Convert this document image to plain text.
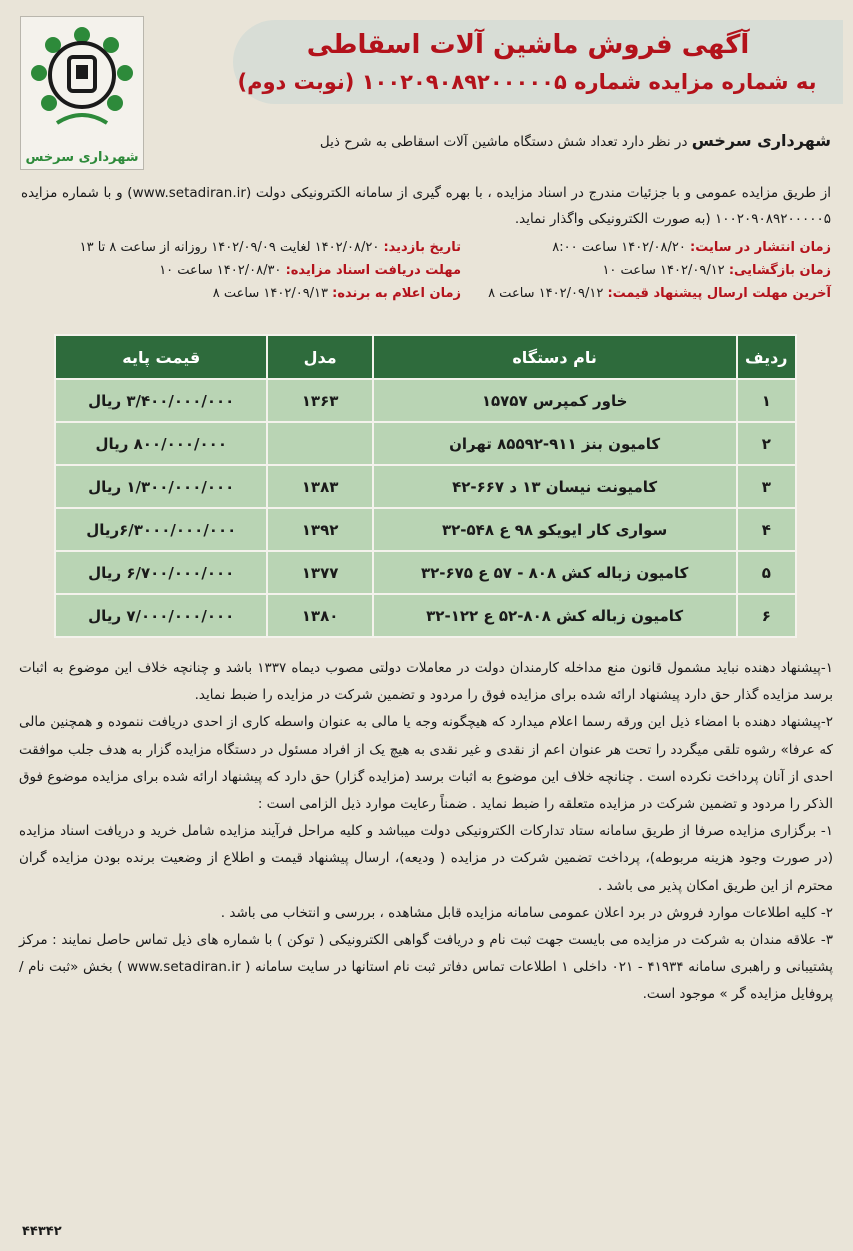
آگهی فروش ماشین آلات اسقاطی
به شماره مزایده شماره ۱۰۰۲۰۹۰۸۹۲۰۰۰۰۰۵ (نوبت دوم)
شهرداری سرخس
شهرداری سرخس در نظر دارد تعداد شش دستگاه ماشین آلات اسقاطی به شرح ذیل
از طریق مزایده عمومی و با جزئیات مندرج در اسناد مزایده ، با بهره گیری از سامانه الکترونیکی دولت (www.setadiran.ir) و با شماره مزایده ۱۰۰۲۰۹۰۸۹۲۰۰۰۰۰۵ (به صورت الکترونیکی واگذار نماید.
زمان انتشار در سایت: ۱۴۰۲/۰۸/۲۰ ساعت ۸:۰۰
تاریخ بازدید: ۱۴۰۲/۰۸/۲۰ لغایت ۱۴۰۲/۰۹/۰۹ روزانه از ساعت ۸ تا ۱۳
زمان بازگشایی: ۱۴۰۲/۰۹/۱۲ ساعت ۱۰
مهلت دریافت اسناد مزایده: ۱۴۰۲/۰۸/۳۰ ساعت ۱۰
آخرین مهلت ارسال پیشنهاد قیمت: ۱۴۰۲/۰۹/۱۲ ساعت ۸
زمان اعلام به برنده: ۱۴۰۲/۰۹/۱۳ ساعت ۸
ردیف	نام دستگاه	مدل	قیمت پایه
۱	خاور کمپرس ۱۵۷۵۷	۱۳۶۳	۳/۴۰۰/۰۰۰/۰۰۰ ریال
۲	کامیون بنز ۹۱۱-۸۵۵۹۲ تهران		۸۰۰/۰۰۰/۰۰۰ ریال
۳	کامیونت نیسان ۱۳ د ۶۶۷-۴۲	۱۳۸۳	۱/۳۰۰/۰۰۰/۰۰۰ ریال
۴	سواری کار ایویکو ۹۸ ع ۵۴۸-۳۲	۱۳۹۲	۶/۳۰۰۰/۰۰۰/۰۰۰ریال
۵	کامیون زباله کش ۸۰۸ - ۵۷ ع ۶۷۵-۳۲	۱۳۷۷	۶/۷۰۰/۰۰۰/۰۰۰ ریال
۶	کامیون زباله کش ۸۰۸-۵۲ ع ۱۲۲-۳۲	۱۳۸۰	۷/۰۰۰/۰۰۰/۰۰۰ ریال

۱-پیشنهاد دهنده نباید مشمول قانون منع مداخله کارمندان دولت در معاملات دولتی مصوب دیماه ۱۳۳۷ باشد و چنانچه خلاف این موضوع به اثبات برسد مزایده گذار حق دارد پیشنهاد ارائه شده برای مزایده فوق را مردود و تضمین شرکت در مزایده را ضبط نماید.

۲-پیشنهاد دهنده با امضاء ذیل این ورقه رسما اعلام میدارد که هیچگونه وجه یا مالی به عنوان واسطه کاری از احدی دریافت ننموده و همچنین مالی که عرفا» رشوه تلقی میگردد را تحت هر عنوان اعم از نقدی و غیر نقدی به هیچ یک از افراد مسئول در دستگاه مزایده گزار به هدف جلب موافقت احدی از آنان پرداخت نکرده است . چنانچه خلاف این موضوع به اثبات برسد (مزایده گزار) حق دارد که پیشنهاد ارائه شده برای مزایده موضوع فوق الذکر را مردود و تضمین شرکت در مزایده متعلقه را ضبط نماید . ضمناً رعایت موارد ذیل الزامی است :

۱- برگزاری مزایده صرفا از طریق سامانه ستاد تدارکات الکترونیکی دولت میباشد و کلیه مراحل فرآیند مزایده شامل خرید و دریافت اسناد مزایده (در صورت وجود هزینه مربوطه)، پرداخت تضمین شرکت در مزایده ( ودیعه)، ارسال پیشنهاد قیمت و اطلاع از وضعیت برنده بودن مزایده گران محترم از این طریق امکان پذیر می باشد .

۲- کلیه اطلاعات موارد فروش در برد اعلان عمومی سامانه مزایده قابل مشاهده ، بررسی و انتخاب می باشد .

۳- علاقه مندان به شرکت در مزایده می بایست جهت ثبت نام و دریافت گواهی الکترونیکی ( توکن ) با شماره های ذیل تماس حاصل نمایند : مرکز پشتیبانی و راهبری سامانه ۴۱۹۳۴ - ۰۲۱ داخلی ۱ اطلاعات تماس دفاتر ثبت نام استانها در سایت سامانه ( www.setadiran.ir ) بخش «ثبت نام / پروفایل مزایده گر » موجود است.

۴۴۳۴۲
